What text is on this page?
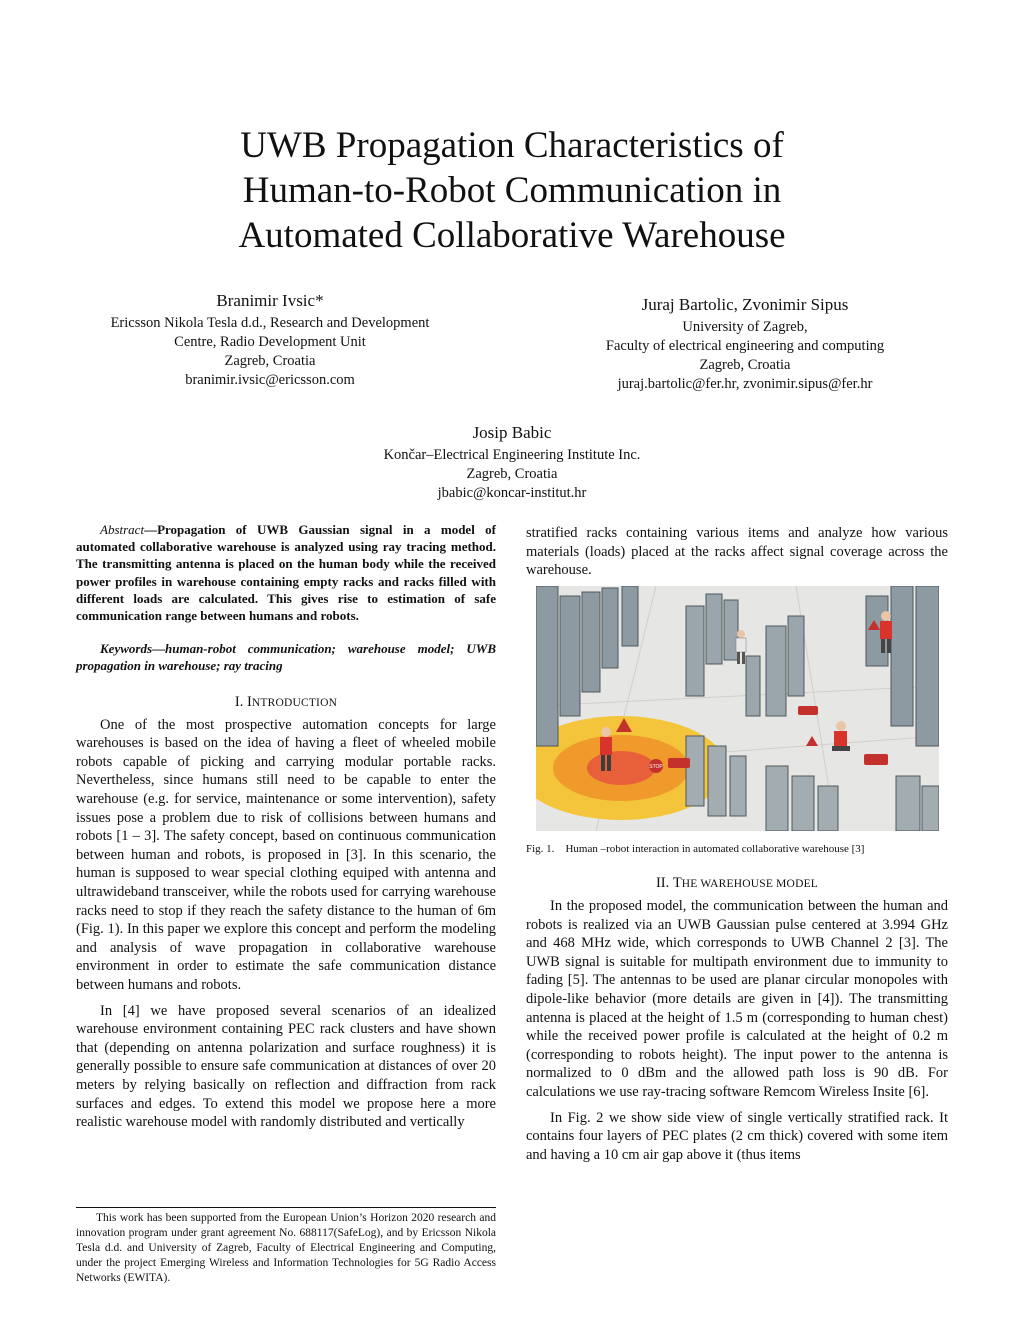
UWB Propagation Characteristics of
Human-to-Robot Communication in
Automated Collaborative Warehouse
Branimir Ivsic*
Ericsson Nikola Tesla d.d., Research and Development
Centre, Radio Development Unit
Zagreb, Croatia
branimir.ivsic@ericsson.com
Juraj Bartolic, Zvonimir Sipus
University of Zagreb,
Faculty of electrical engineering and computing
Zagreb, Croatia
juraj.bartolic@fer.hr, zvonimir.sipus@fer.hr
Josip Babic
Končar–Electrical Engineering Institute Inc.
Zagreb, Croatia
jbabic@koncar-institut.hr

Abstract—Propagation of UWB Gaussian signal in a model of automated collaborative warehouse is analyzed using ray tracing method. The transmitting antenna is placed on the human body while the received power profiles in warehouse containing empty racks and racks filled with different loads are calculated. This gives rise to estimation of safe communication range between humans and robots.

Keywords—human-robot communication; warehouse model; UWB propagation in warehouse; ray tracing

I. INTRODUCTION

One of the most prospective automation concepts for large warehouses is based on the idea of having a fleet of wheeled mobile robots capable of picking and carrying modular portable racks. Nevertheless, since humans still need to be capable to enter the warehouse (e.g. for service, maintenance or some intervention), safety issues pose a problem due to risk of collisions between humans and robots [1 – 3]. The safety concept, based on continuous communication between human and robots, is proposed in [3]. In this scenario, the human is supposed to wear special clothing equiped with antenna and ultrawideband transceiver, while the robots used for carrying warehouse racks need to stop if they reach the safety distance to the human of 6m (Fig. 1). In this paper we explore this concept and perform the modeling and analysis of wave propagation in collaborative warehouse environment in order to estimate the safe communication distance between humans and robots.

In [4] we have proposed several scenarios of an idealized warehouse environment containing PEC rack clusters and have shown that (depending on antenna polarization and surface roughness) it is generally possible to ensure safe communication at distances of over 20 meters by relying basically on reflection and diffraction from rack surfaces and edges. To extend this model we propose here a more realistic warehouse model with randomly distributed and vertically

This work has been supported from the European Union’s Horizon 2020 research and innovation program under grant agreement No. 688117(SafeLog), and by Ericsson Nikola Tesla d.d. and University of Zagreb, Faculty of Electrical Engineering and Computing, under the project Emerging Wireless and Information Technologies for 5G Radio Access Networks (EWITA).

stratified racks containing various items and analyze how various materials (loads) placed at the racks affect signal coverage across the warehouse.

STOP
Fig. 1. Human –robot interaction in automated collaborative warehouse [3]
II. THE WAREHOUSE MODEL

In the proposed model, the communication between the human and robots is realized via an UWB Gaussian pulse centered at 3.994 GHz and 468 MHz wide, which corresponds to UWB Channel 2 [3]. The UWB signal is suitable for multipath environment due to immunity to fading [5]. The antennas to be used are planar circular monopoles with dipole-like behavior (more details are given in [4]). The transmitting antenna is placed at the height of 1.5 m (corresponding to human chest) while the received power profile is calculated at the height of 0.2 m (corresponding to robots height). The input power to the antenna is normalized to 0 dBm and the allowed path loss is 90 dB. For calculations we use ray-tracing software Remcom Wireless Insite [6].

In Fig. 2 we show side view of single vertically stratified rack. It contains four layers of PEC plates (2 cm thick) covered with some item and having a 10 cm air gap above it (thus items
